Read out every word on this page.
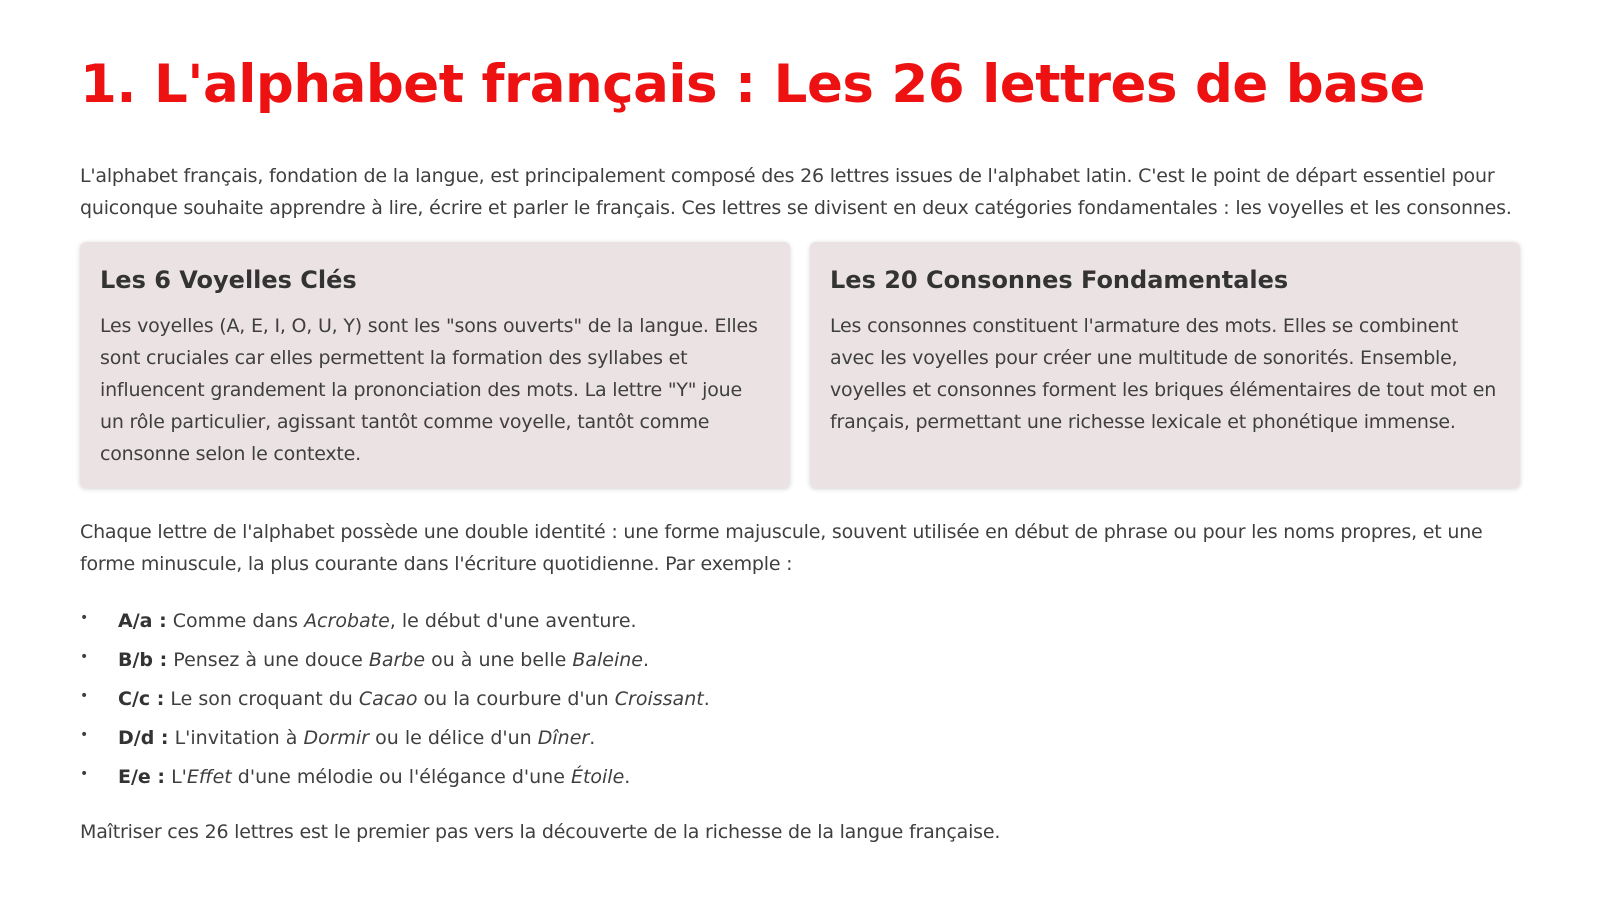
1. L'alphabet français : Les 26 lettres de base

L'alphabet français, fondation de la langue, est principalement composé des 26 lettres issues de l'alphabet latin. C'est le point de départ essentiel pour quiconque souhaite apprendre à lire, écrire et parler le français. Ces lettres se divisent en deux catégories fondamentales : les voyelles et les consonnes.

Les 6 Voyelles Clés

Les voyelles (A, E, I, O, U, Y) sont les "sons ouverts" de la langue. Elles sont cruciales car elles permettent la formation des syllabes et influencent grandement la prononciation des mots. La lettre "Y" joue un rôle particulier, agissant tantôt comme voyelle, tantôt comme consonne selon le contexte.

Les 20 Consonnes Fondamentales

Les consonnes constituent l'armature des mots. Elles se combinent avec les voyelles pour créer une multitude de sonorités. Ensemble, voyelles et consonnes forment les briques élémentaires de tout mot en français, permettant une richesse lexicale et phonétique immense.

Chaque lettre de l'alphabet possède une double identité : une forme majuscule, souvent utilisée en début de phrase ou pour les noms propres, et une forme minuscule, la plus courante dans l'écriture quotidienne. Par exemple :

• A/a : Comme dans Acrobate, le début d'une aventure.
• B/b : Pensez à une douce Barbe ou à une belle Baleine.
• C/c : Le son croquant du Cacao ou la courbure d'un Croissant.
• D/d : L'invitation à Dormir ou le délice d'un Dîner.
• E/e : L'Effet d'une mélodie ou l'élégance d'une Étoile.

Maîtriser ces 26 lettres est le premier pas vers la découverte de la richesse de la langue française.
